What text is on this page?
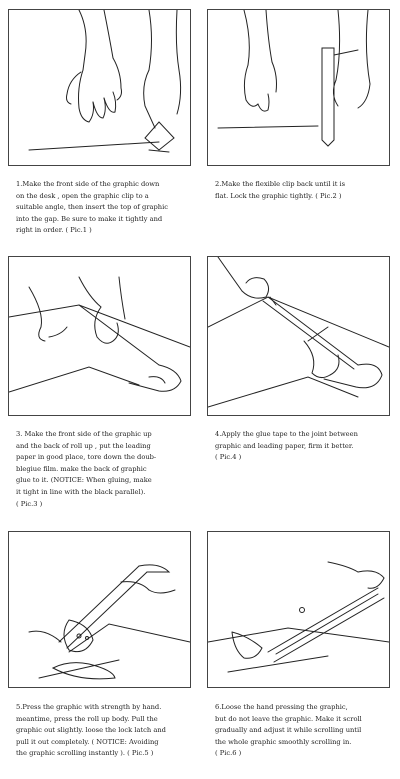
1.Make the front side of the graphic down
on the desk , open the graphic clip to a
suitable angle, then insert the top of graphic
into the gap. Be sure to make it tightly and
right in order. ( Pic.1 )
2.Make the flexible clip back until it is
flat. Lock the graphic tightly. ( Pic.2 )
3. Make the front side of the graphic up
and the back of roll up , put the leading
paper in good place, tore down the doub-
blegiue film. make the back of graphic
glue to it. (NOTICE: When gluing, make
it tight in line with the black parallel).
( Pic.3 )
4.Apply the glue tape to the joint between
graphic and leading paper, firm it better.
( Pic.4 )
5.Press the graphic with strength by hand.
meantime, press the roll up body. Pull the
graphic out slightly. loose the lock latch and
pull it out completely. ( NOTICE: Avoiding
the graphic scrolling instantly ). ( Pic.5 )
6.Loose the hand pressing the graphic,
but do not leave the graphic. Make it scroll
gradually and adjust it while scrolling until
the whole graphic smoothly scrolling in.
( Pic.6 )
